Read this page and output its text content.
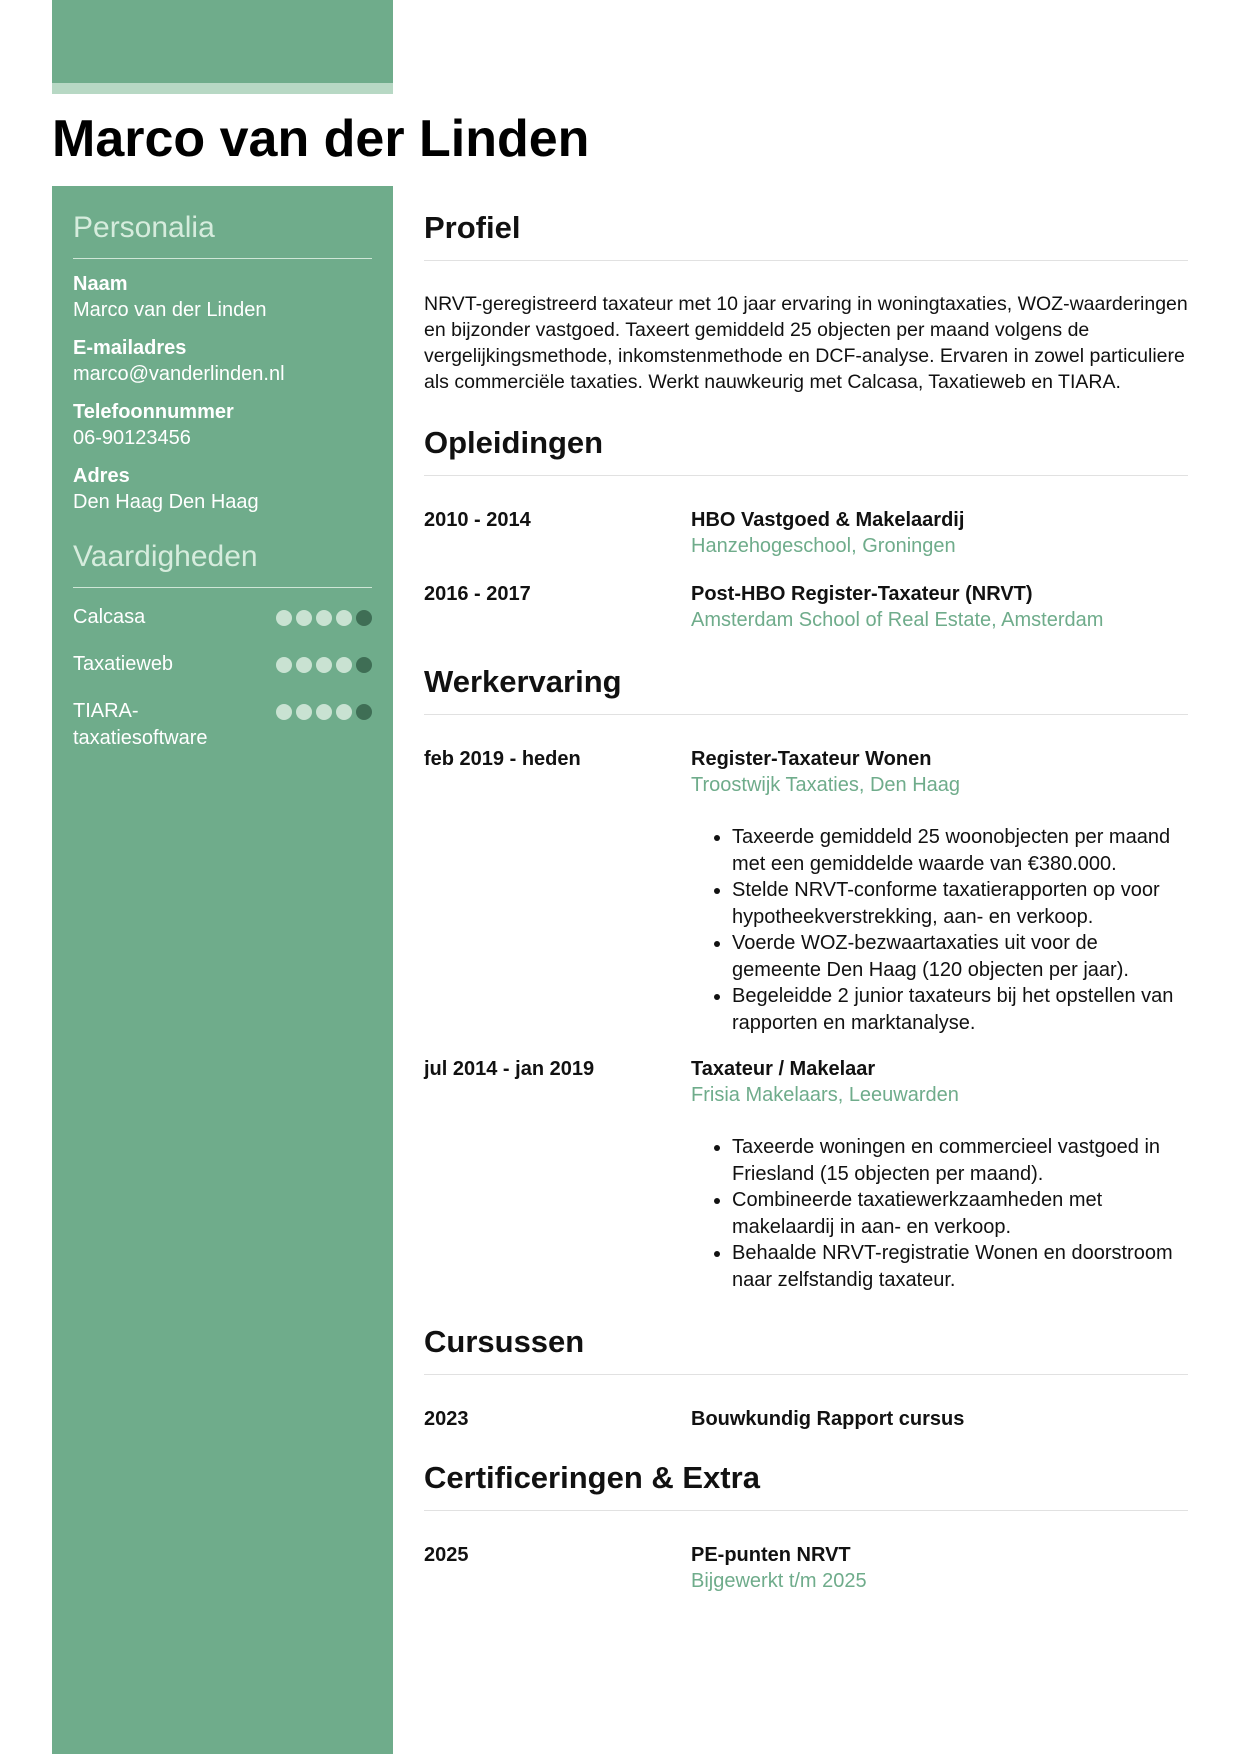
Marco van der Linden
Personalia
Naam
Marco van der Linden
E-mailadres
marco@vanderlinden.nl
Telefoonnummer
06-90123456
Adres
Den Haag Den Haag
Vaardigheden
Calcasa
Taxatieweb
TIARA-taxatiesoftware
Profiel

NRVT-geregistreerd taxateur met 10 jaar ervaring in woningtaxaties, WOZ-waarderingen en bijzonder vastgoed. Taxeert gemiddeld 25 objecten per maand volgens de vergelijkingsmethode, inkomstenmethode en DCF-analyse. Ervaren in zowel particuliere als commerciële taxaties. Werkt nauwkeurig met Calcasa, Taxatieweb en TIARA.

Opleidingen
2010 - 2014	HBO Vastgoed & Makelaardij
Hanzehogeschool, Groningen
2016 - 2017	Post-HBO Register-Taxateur (NRVT)
Amsterdam School of Real Estate, Amsterdam
Werkervaring
feb 2019 - heden	Register-Taxateur Wonen
Troostwijk Taxaties, Den Haag
• Taxeerde gemiddeld 25 woonobjecten per maand met een gemiddelde waarde van €380.000.
• Stelde NRVT-conforme taxatierapporten op voor hypotheekverstrekking, aan- en verkoop.
• Voerde WOZ-bezwaartaxaties uit voor de gemeente Den Haag (120 objecten per jaar).
• Begeleidde 2 junior taxateurs bij het opstellen van rapporten en marktanalyse.
jul 2014 - jan 2019	Taxateur / Makelaar
Frisia Makelaars, Leeuwarden
• Taxeerde woningen en commercieel vastgoed in Friesland (15 objecten per maand).
• Combineerde taxatiewerkzaamheden met makelaardij in aan- en verkoop.
• Behaalde NRVT-registratie Wonen en doorstroom naar zelfstandig taxateur.
Cursussen
2023	Bouwkundig Rapport cursus
Certificeringen & Extra
2025	PE-punten NRVT
Bijgewerkt t/m 2025
